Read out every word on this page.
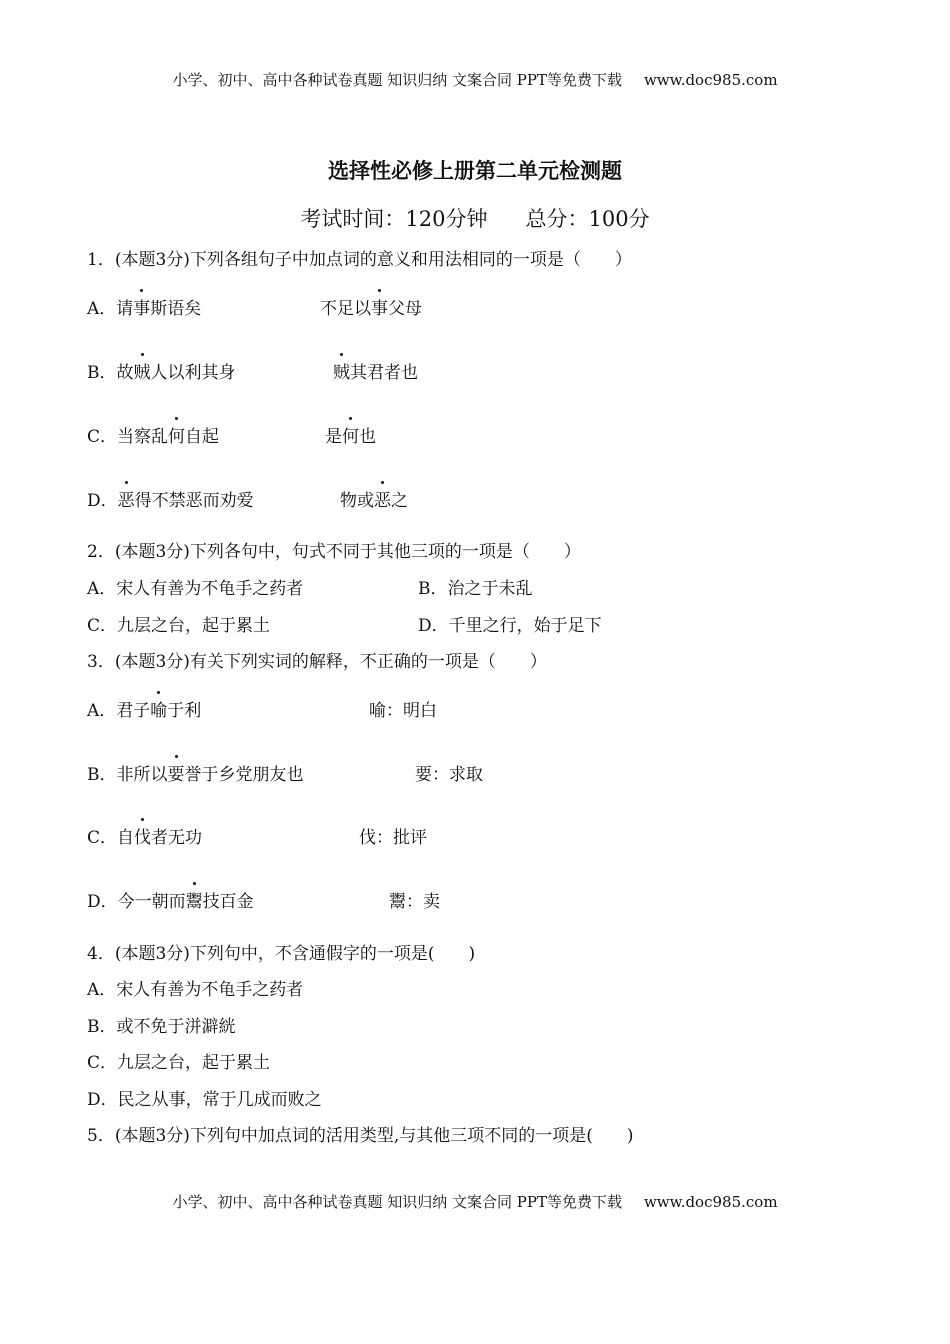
小学、初中、高中各种试卷真题 知识归纳 文案合同 PPT等免费下载 www.doc985.com
选择性必修上册第二单元检测题
考试时间：120分钟 总分：100分
1．(本题3分)下列各组句子中加点词的意义和用法相同的一项是（　　）
A．请事斯语矣	不足以事父母
B．故贼人以利其身	贼其君者也
C．当察乱何自起	是何也
D．恶得不禁恶而劝爱	物或恶之
2．(本题3分)下列各句中，句式不同于其他三项的一项是（　　）
A．宋人有善为不龟手之药者	B．治之于未乱
C．九层之台，起于累土	D．千里之行，始于足下
3．(本题3分)有关下列实词的解释，不正确的一项是（　　）
A．君子喻于利	喻：明白
B．非所以要誉于乡党朋友也	要：求取
C．自伐者无功	伐：批评
D．今一朝而鬻技百金	鬻：卖
4．(本题3分)下列句中，不含通假字的一项是(　　)
A．宋人有善为不龟手之药者
B．或不免于洴澼絖
C．九层之台，起于累土
D．民之从事，常于几成而败之
5．(本题3分)下列句中加点词的活用类型,与其他三项不同的一项是(　　)
小学、初中、高中各种试卷真题 知识归纳 文案合同 PPT等免费下载 www.doc985.com
